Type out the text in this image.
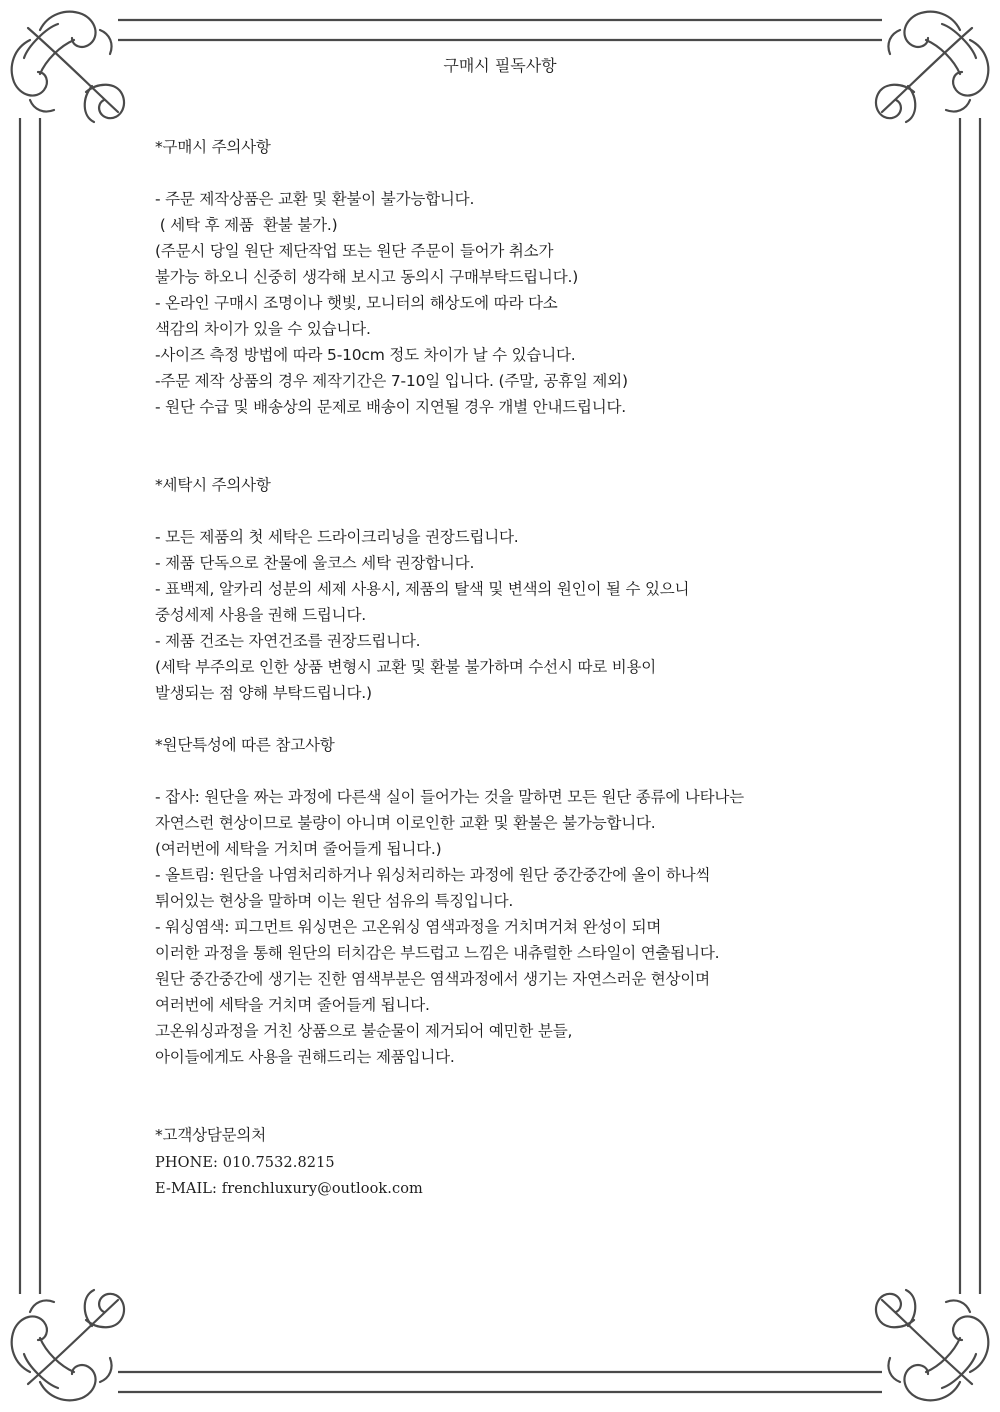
구매시 필독사항
*구매시 주의사항
- 주문 제작상품은 교환 및 환불이 불가능합니다.
( 세탁 후 제품  환불 불가.)
(주문시 당일 원단 제단작업 또는 원단 주문이 들어가 취소가
불가능 하오니 신중히 생각해 보시고 동의시 구매부탁드립니다.)
- 온라인 구매시 조명이나 햇빛, 모니터의 해상도에 따라 다소
색감의 차이가 있을 수 있습니다.
-사이즈 측정 방법에 따라 5-10cm 정도 차이가 날 수 있습니다.
-주문 제작 상품의 경우 제작기간은 7-10일 입니다. (주말, 공휴일 제외)
- 원단 수급 및 배송상의 문제로 배송이 지연될 경우 개별 안내드립니다.
*세탁시 주의사항
- 모든 제품의 첫 세탁은 드라이크리닝을 권장드립니다.
- 제품 단독으로 찬물에 울코스 세탁 권장합니다.
- 표백제, 알카리 성분의 세제 사용시, 제품의 탈색 및 변색의 원인이 될 수 있으니
중성세제 사용을 권해 드립니다.
- 제품 건조는 자연건조를 권장드립니다.
(세탁 부주의로 인한 상품 변형시 교환 및 환불 불가하며 수선시 따로 비용이
발생되는 점 양해 부탁드립니다.)
*원단특성에 따른 참고사항
- 잡사: 원단을 짜는 과정에 다른색 실이 들어가는 것을 말하면 모든 원단 종류에 나타나는
자연스런 현상이므로 불량이 아니며 이로인한 교환 및 환불은 불가능합니다.
(여러번에 세탁을 거치며 줄어들게 됩니다.)
- 올트림: 원단을 나염처리하거나 워싱처리하는 과정에 원단 중간중간에 올이 하나씩
튀어있는 현상을 말하며 이는 원단 섬유의 특징입니다.
- 워싱염색: 피그먼트 워싱면은 고온워싱 염색과정을 거치며거쳐 완성이 되며
이러한 과정을 통해 원단의 터치감은 부드럽고 느낌은 내츄럴한 스타일이 연출됩니다.
원단 중간중간에 생기는 진한 염색부분은 염색과정에서 생기는 자연스러운 현상이며
여러번에 세탁을 거치며 줄어들게 됩니다.
고온워싱과정을 거친 상품으로 불순물이 제거되어 예민한 분들,
아이들에게도 사용을 권해드리는 제품입니다.
*고객상담문의처
PHONE: 010.7532.8215
E-MAIL: frenchluxury@outlook.com
